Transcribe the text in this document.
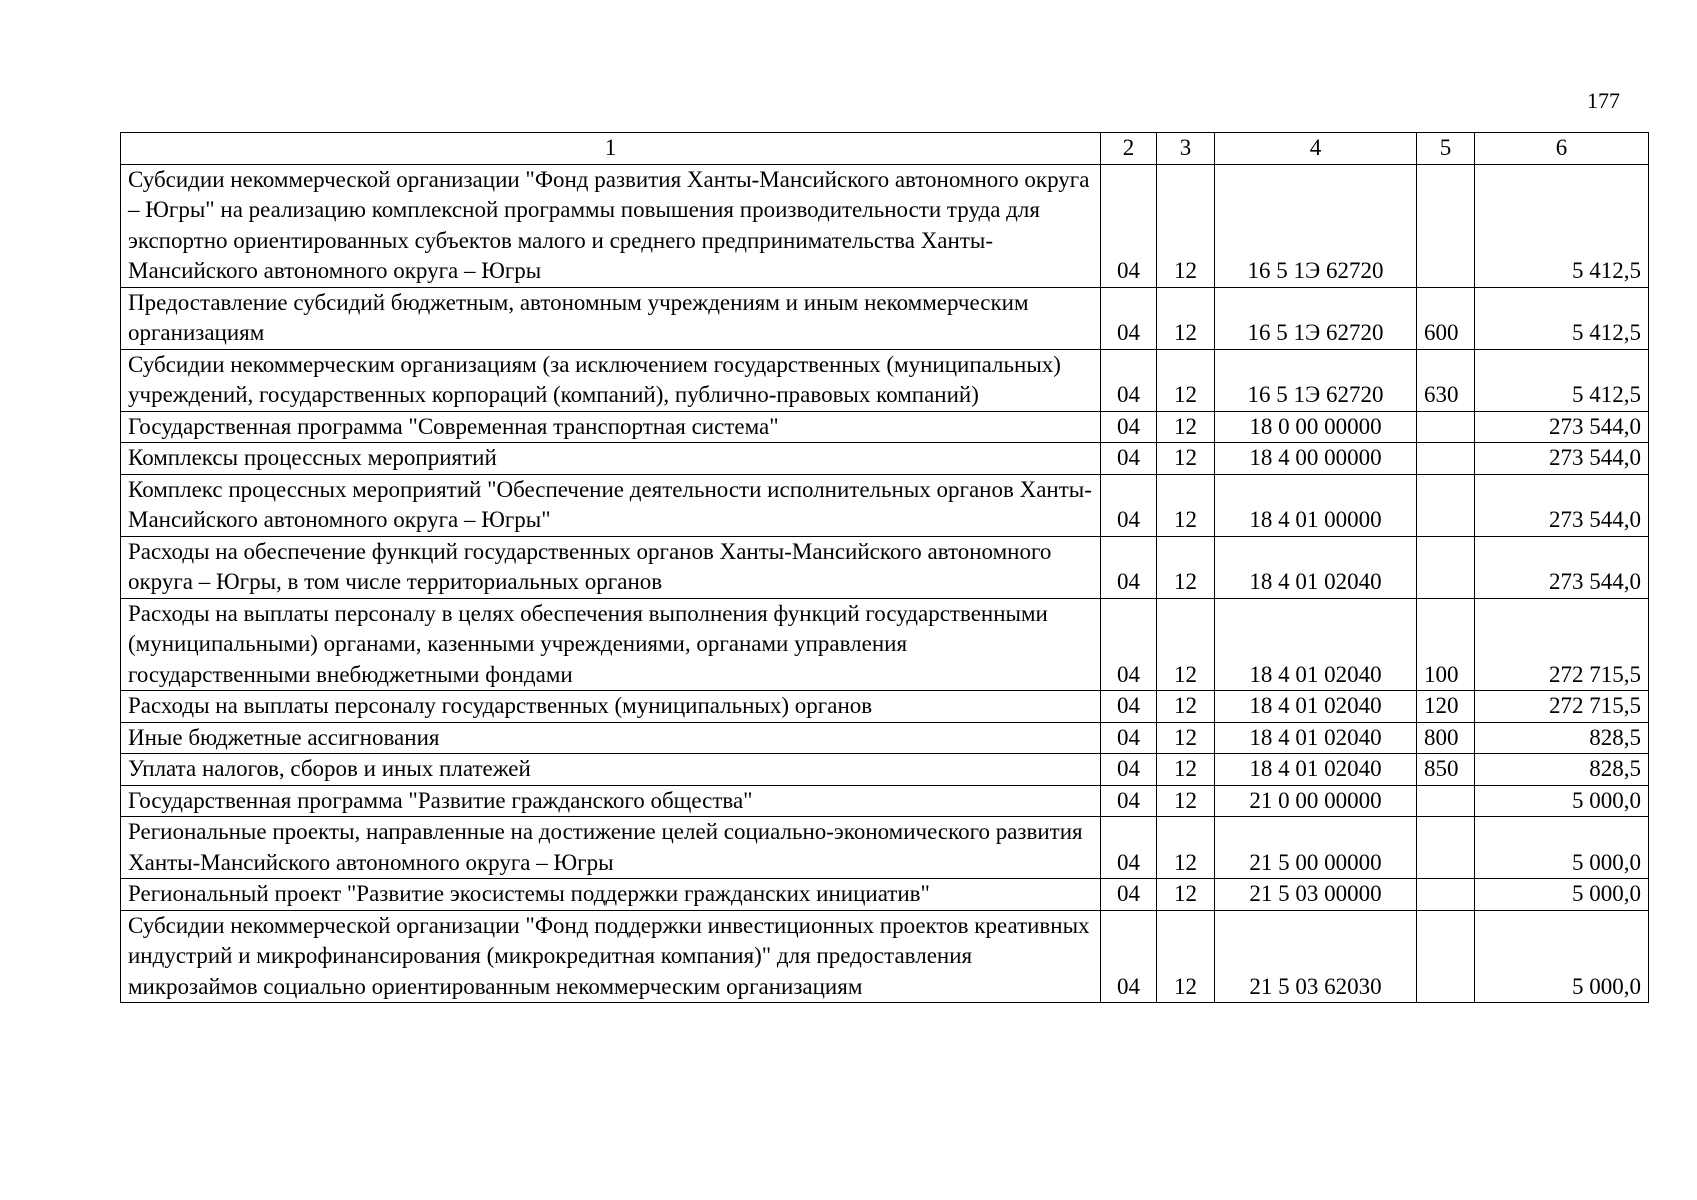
177
1	2	3	4	5	6
Субсидии некоммерческой организации "Фонд развития Ханты-Мансийского автономного округа – Югры" на реализацию комплексной программы повышения производительности труда для экспортно ориентированных субъектов малого и среднего предпринимательства Ханты-Мансийского автономного округа – Югры	04	12	16 5 1Э 62720		5 412,5
Предоставление субсидий бюджетным, автономным учреждениям и иным некоммерческим организациям	04	12	16 5 1Э 62720	600	5 412,5
Субсидии некоммерческим организациям (за исключением государственных (муниципальных) учреждений, государственных корпораций (компаний), публично-правовых компаний)	04	12	16 5 1Э 62720	630	5 412,5
Государственная программа "Современная транспортная система"	04	12	18 0 00 00000		273 544,0
Комплексы процессных мероприятий	04	12	18 4 00 00000		273 544,0
Комплекс процессных мероприятий "Обеспечение деятельности исполнительных органов Ханты-Мансийского автономного округа – Югры"	04	12	18 4 01 00000		273 544,0
Расходы на обеспечение функций государственных органов Ханты-Мансийского автономного округа – Югры, в том числе территориальных органов	04	12	18 4 01 02040		273 544,0
Расходы на выплаты персоналу в целях обеспечения выполнения функций государственными (муниципальными) органами, казенными учреждениями, органами управления государственными внебюджетными фондами	04	12	18 4 01 02040	100	272 715,5
Расходы на выплаты персоналу государственных (муниципальных) органов	04	12	18 4 01 02040	120	272 715,5
Иные бюджетные ассигнования	04	12	18 4 01 02040	800	828,5
Уплата налогов, сборов и иных платежей	04	12	18 4 01 02040	850	828,5
Государственная программа "Развитие гражданского общества"	04	12	21 0 00 00000		5 000,0
Региональные проекты, направленные на достижение целей социально-экономического развития Ханты-Мансийского автономного округа – Югры	04	12	21 5 00 00000		5 000,0
Региональный проект "Развитие экосистемы поддержки гражданских инициатив"	04	12	21 5 03 00000		5 000,0
Субсидии некоммерческой организации "Фонд поддержки инвестиционных проектов креативных индустрий и микрофинансирования (микрокредитная компания)" для предоставления микрозаймов социально ориентированным некоммерческим организациям	04	12	21 5 03 62030		5 000,0
